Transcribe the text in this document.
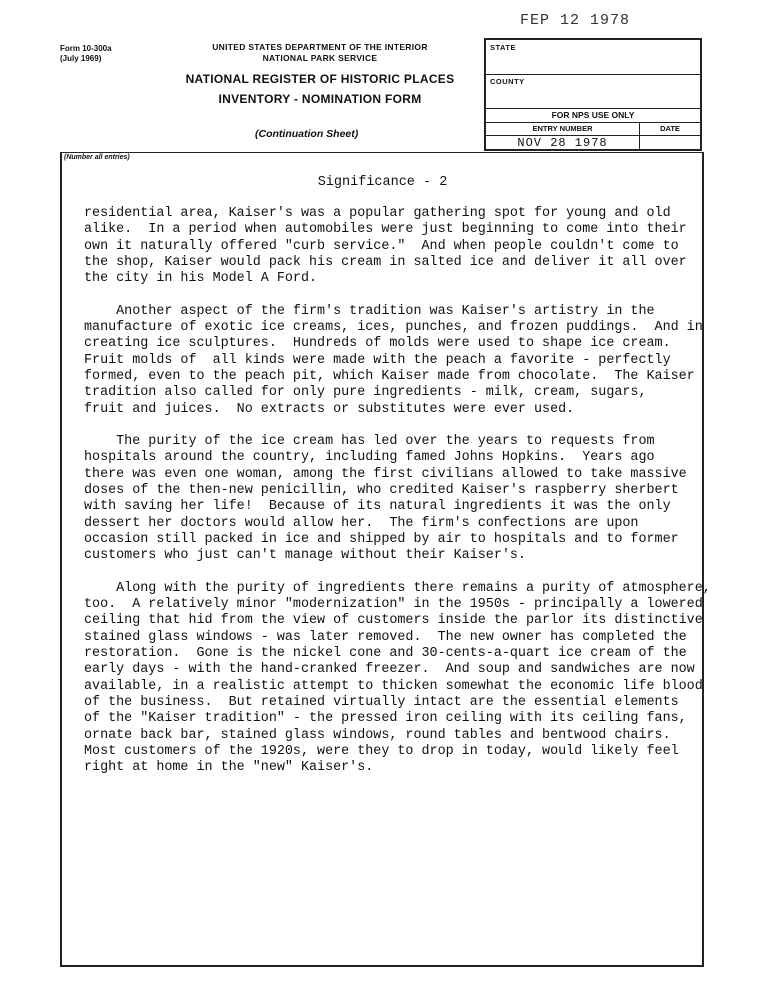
FEP 12 1978
Form 10-300a
(July 1969)
UNITED STATES DEPARTMENT OF THE INTERIOR
NATIONAL PARK SERVICE
NATIONAL REGISTER OF HISTORIC PLACES
INVENTORY - NOMINATION FORM
(Continuation Sheet)
STATE
COUNTY
FOR NPS USE ONLY
ENTRY NUMBER	DATE
NOV 28 1978
(Number all entries)
Significance - 2

residential area, Kaiser's was a popular gathering spot for young and old
alike.  In a period when automobiles were just beginning to come into their
own it naturally offered "curb service."  And when people couldn't come to
the shop, Kaiser would pack his cream in salted ice and deliver it all over
the city in his Model A Ford.

Another aspect of the firm's tradition was Kaiser's artistry in the
manufacture of exotic ice creams, ices, punches, and frozen puddings.  And in
creating ice sculptures.  Hundreds of molds were used to shape ice cream.
Fruit molds of  all kinds were made with the peach a favorite - perfectly
formed, even to the peach pit, which Kaiser made from chocolate.  The Kaiser
tradition also called for only pure ingredients - milk, cream, sugars,
fruit and juices.  No extracts or substitutes were ever used.

The purity of the ice cream has led over the years to requests from
hospitals around the country, including famed Johns Hopkins.  Years ago
there was even one woman, among the first civilians allowed to take massive
doses of the then-new penicillin, who credited Kaiser's raspberry sherbert
with saving her life!  Because of its natural ingredients it was the only
dessert her doctors would allow her.  The firm's confections are upon
occasion still packed in ice and shipped by air to hospitals and to former
customers who just can't manage without their Kaiser's.

Along with the purity of ingredients there remains a purity of atmosphere,
too.  A relatively minor "modernization" in the 1950s - principally a lowered
ceiling that hid from the view of customers inside the parlor its distinctive
stained glass windows - was later removed.  The new owner has completed the
restoration.  Gone is the nickel cone and 30-cents-a-quart ice cream of the
early days - with the hand-cranked freezer.  And soup and sandwiches are now
available, in a realistic attempt to thicken somewhat the economic life blood
of the business.  But retained virtually intact are the essential elements
of the "Kaiser tradition" - the pressed iron ceiling with its ceiling fans,
ornate back bar, stained glass windows, round tables and bentwood chairs.
Most customers of the 1920s, were they to drop in today, would likely feel
right at home in the "new" Kaiser's.
